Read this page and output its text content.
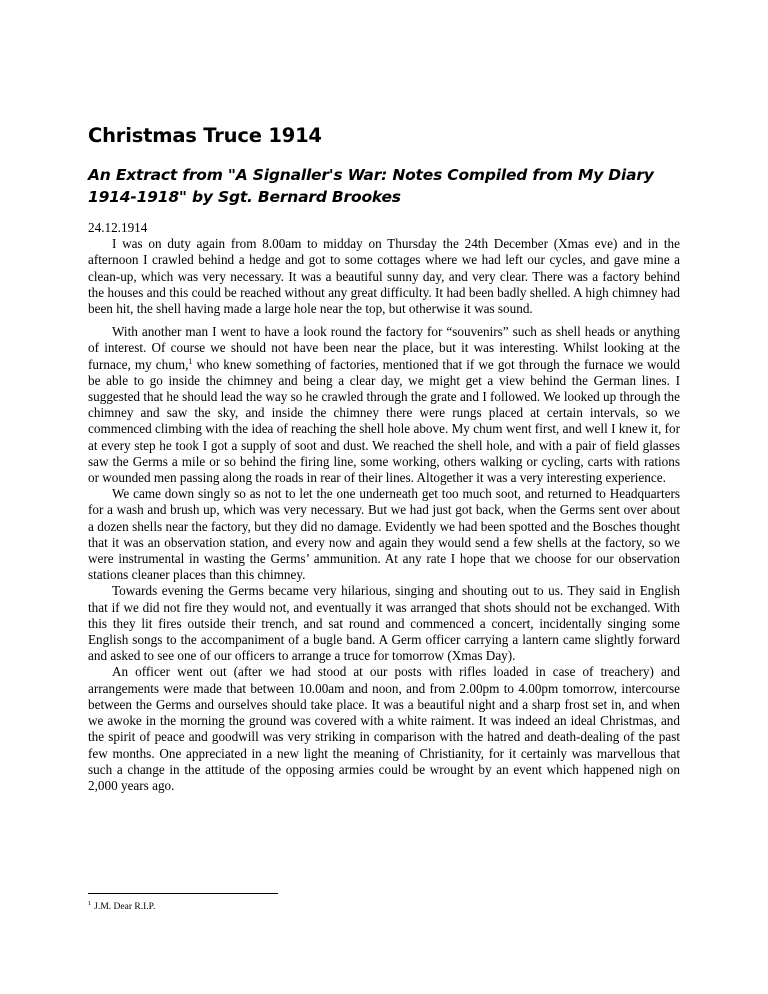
Christmas Truce 1914
An Extract from "A Signaller's War: Notes Compiled from My Diary 1914-1918" by Sgt. Bernard Brookes

24.12.1914

I was on duty again from 8.00am to midday on Thursday the 24th December (Xmas eve) and in the afternoon I crawled behind a hedge and got to some cottages where we had left our cycles, and gave mine a clean-up, which was very necessary. It was a beautiful sunny day, and very clear. There was a factory behind the houses and this could be reached without any great difficulty. It had been badly shelled. A high chimney had been hit, the shell having made a large hole near the top, but otherwise it was sound.

With another man I went to have a look round the factory for “souvenirs” such as shell heads or anything of interest. Of course we should not have been near the place, but it was interesting. Whilst looking at the furnace, my chum,$^1$ who knew something of factories, mentioned that if we got through the furnace we would be able to go inside the chimney and being a clear day, we might get a view behind the German lines. I suggested that he should lead the way so he crawled through the grate and I followed. We looked up through the chimney and saw the sky, and inside the chimney there were rungs placed at certain intervals, so we commenced climbing with the idea of reaching the shell hole above. My chum went first, and well I knew it, for at every step he took I got a supply of soot and dust. We reached the shell hole, and with a pair of field glasses saw the Germs a mile or so behind the firing line, some working, others walking or cycling, carts with rations or wounded men passing along the roads in rear of their lines. Altogether it was a very interesting experience.

We came down singly so as not to let the one underneath get too much soot, and returned to Headquarters for a wash and brush up, which was very necessary. But we had just got back, when the Germs sent over about a dozen shells near the factory, but they did no damage. Evidently we had been spotted and the Bosches thought that it was an observation station, and every now and again they would send a few shells at the factory, so we were instrumental in wasting the Germs’ ammunition. At any rate I hope that we choose for our observation stations cleaner places than this chimney.

Towards evening the Germs became very hilarious, singing and shouting out to us. They said in English that if we did not fire they would not, and eventually it was arranged that shots should not be exchanged. With this they lit fires outside their trench, and sat round and commenced a concert, incidentally singing some English songs to the accompaniment of a bugle band. A Germ officer carrying a lantern came slightly forward and asked to see one of our officers to arrange a truce for tomorrow (Xmas Day).

An officer went out (after we had stood at our posts with rifles loaded in case of treachery) and arrangements were made that between 10.00am and noon, and from 2.00pm to 4.00pm tomorrow, intercourse between the Germs and ourselves should take place. It was a beautiful night and a sharp frost set in, and when we awoke in the morning the ground was covered with a white raiment. It was indeed an ideal Christmas, and the spirit of peace and goodwill was very striking in comparison with the hatred and death-dealing of the past few months. One appreciated in a new light the meaning of Christianity, for it certainly was marvellous that such a change in the attitude of the opposing armies could be wrought by an event which happened nigh on 2,000 years ago.

$^1$ J.M. Dear R.I.P.
